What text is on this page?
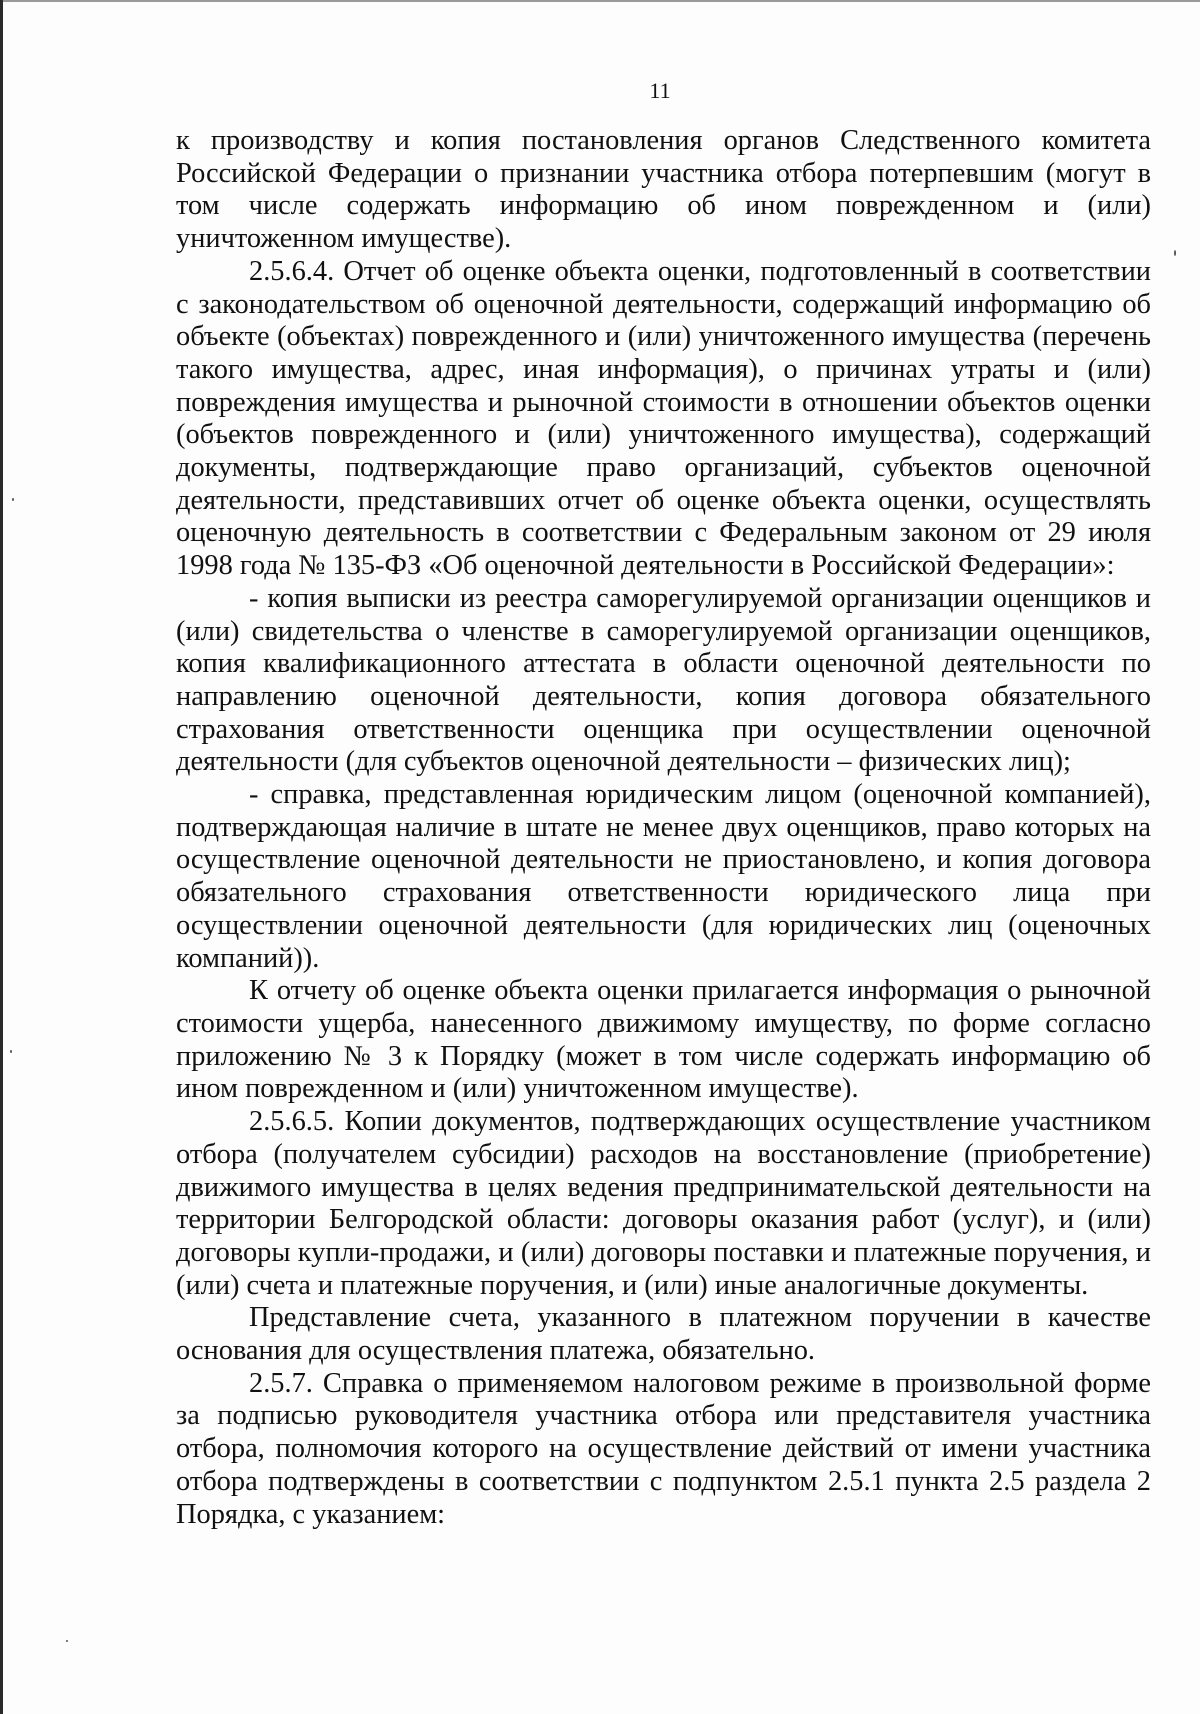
11

к производству и копия постановления органов Следственного комитета Российской Федерации о признании участника отбора потерпевшим (могут в том числе содержать информацию об ином поврежденном и (или) уничтоженном имуществе).

2.5.6.4. Отчет об оценке объекта оценки, подготовленный в соответствии с законодательством об оценочной деятельности, содержащий информацию об объекте (объектах) поврежденного и (или) уничтоженного имущества (перечень такого имущества, адрес, иная информация), о причинах утраты и (или) повреждения имущества и рыночной стоимости в отношении объектов оценки (объектов поврежденного и (или) уничтоженного имущества), содержащий документы, подтверждающие право организаций, субъектов оценочной деятельности, представивших отчет об оценке объекта оценки, осуществлять оценочную деятельность в соответствии с Федеральным законом от 29 июля 1998 года № 135-ФЗ «Об оценочной деятельности в Российской Федерации»:

- копия выписки из реестра саморегулируемой организации оценщиков и (или) свидетельства о членстве в саморегулируемой организации оценщиков, копия квалификационного аттестата в области оценочной деятельности по направлению оценочной деятельности, копия договора обязательного страхования ответственности оценщика при осуществлении оценочной деятельности (для субъектов оценочной деятельности – физических лиц);

- справка, представленная юридическим лицом (оценочной компанией), подтверждающая наличие в штате не менее двух оценщиков, право которых на осуществление оценочной деятельности не приостановлено, и копия договора обязательного страхования ответственности юридического лица при осуществлении оценочной деятельности (для юридических лиц (оценочных компаний)).

К отчету об оценке объекта оценки прилагается информация о рыночной стоимости ущерба, нанесенного движимому имуществу, по форме согласно приложению № 3 к Порядку (может в том числе содержать информацию об ином поврежденном и (или) уничтоженном имуществе).

2.5.6.5. Копии документов, подтверждающих осуществление участником отбора (получателем субсидии) расходов на восстановление (приобретение) движимого имущества в целях ведения предпринимательской деятельности на территории Белгородской области: договоры оказания работ (услуг), и (или) договоры купли-продажи, и (или) договоры поставки и платежные поручения, и (или) счета и платежные поручения, и (или) иные аналогичные документы.

Представление счета, указанного в платежном поручении в качестве основания для осуществления платежа, обязательно.

2.5.7. Справка о применяемом налоговом режиме в произвольной форме за подписью руководителя участника отбора или представителя участника отбора, полномочия которого на осуществление действий от имени участника отбора подтверждены в соответствии с подпунктом 2.5.1 пункта 2.5 раздела 2 Порядка, с указанием:
